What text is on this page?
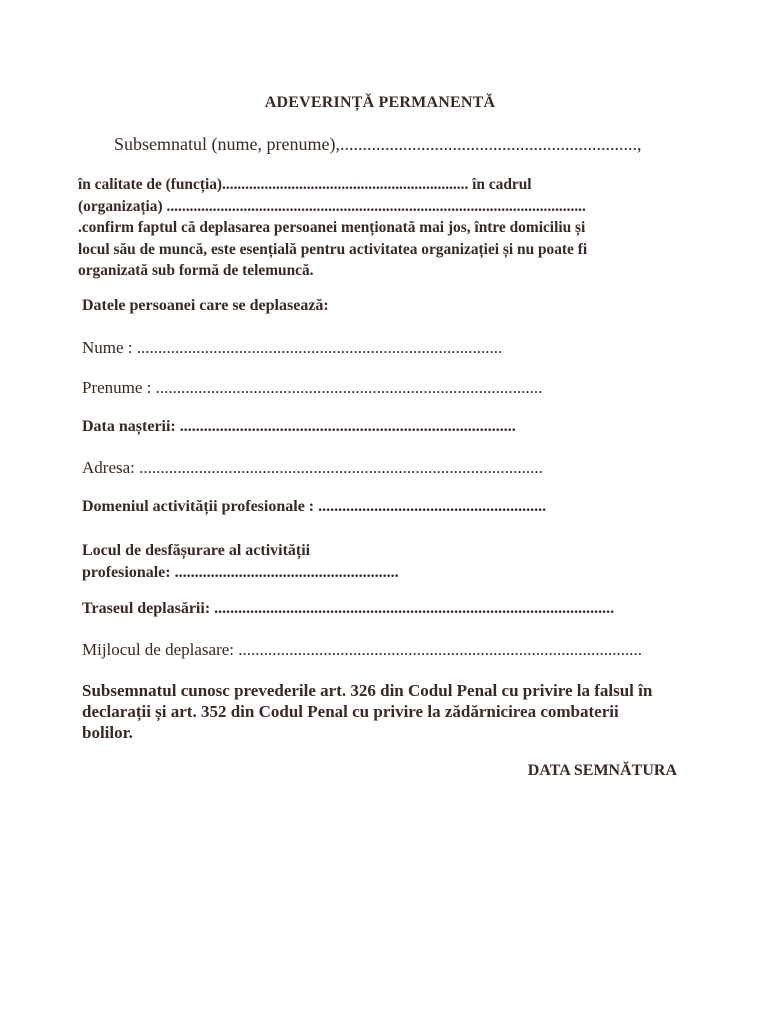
ADEVERINȚĂ PERMANENTĂ
Subsemnatul (nume, prenume),..................................................................,
în calitate de (funcția)................................................................ în cadrul
(organizația) .............................................................................................................
.confirm faptul că deplasarea persoanei menționată mai jos, între domiciliu și
locul său de muncă, este esențială pentru activitatea organizației și nu poate fi
organizată sub formă de telemuncă.
Datele persoanei care se deplasează:
Nume : ......................................................................................
Prenume : ...........................................................................................
Data nașterii: ....................................................................................
Adresa: ...............................................................................................
Domeniul activității profesionale : .........................................................
Locul de desfășurare al activității
profesionale: ........................................................
Traseul deplasării: ....................................................................................................
Mijlocul de deplasare: ...............................................................................................
Subsemnatul cunosc prevederile art. 326 din Codul Penal cu privire la falsul în
declarații și art. 352 din Codul Penal cu privire la zădărnicirea combaterii
bolilor.
DATA SEMNĂTURA
